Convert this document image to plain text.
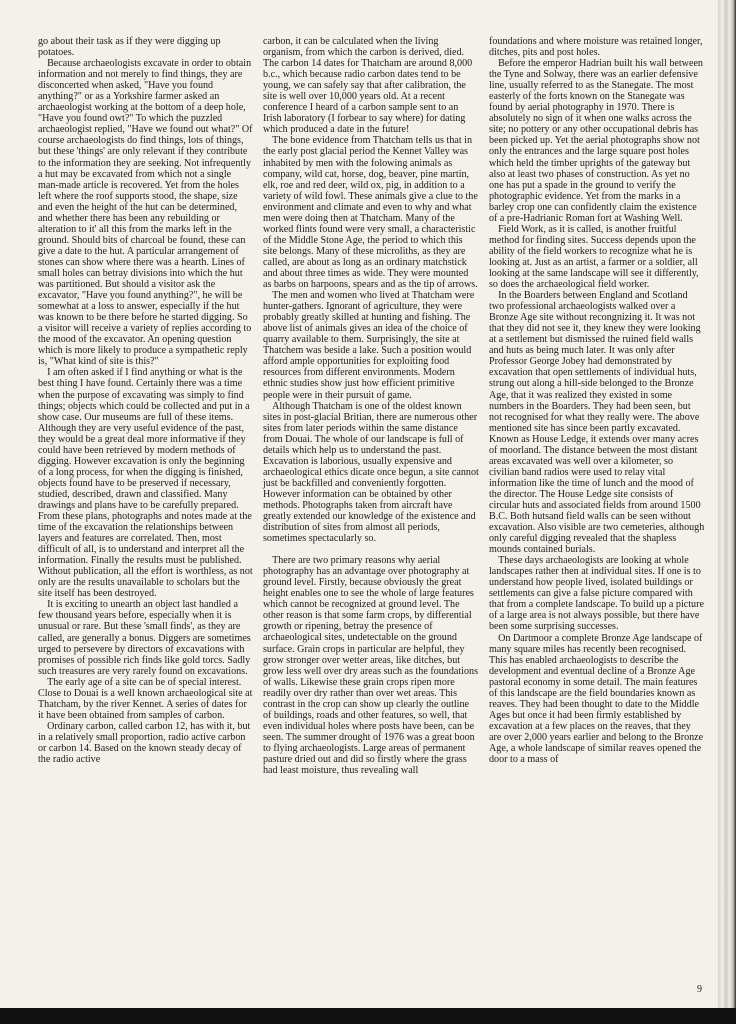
go about their task as if they were digging up potatoes.

Because archaeologists excavate in order to obtain information and not merely to find things, they are disconcerted when asked, "Have you found anything?" or as a Yorkshire farmer asked an archaeologist working at the bottom of a deep hole, "Have you found owt?" To which the puzzled archaeologist replied, "Have we found out what?" Of course archaeologists do find things, lots of things, but these 'things' are only relevant if they contribute to the information they are seeking. Not infrequently a hut may be excavated from which not a single man-made article is recovered. Yet from the holes left where the roof supports stood, the shape, size and even the height of the hut can be determined, and whether there has been any rebuilding or alteration to it' all this from the marks left in the ground. Should bits of charcoal be found, these can give a date to the hut. A particular arrangement of stones can show where there was a hearth. Lines of small holes can betray divisions into which the hut was partitioned. But should a visitor ask the excavator, "Have you found anything?", he will be somewhat at a loss to answer, especially if the hut was known to be there before he started digging. So a visitor will receive a variety of replies according to the mood of the excavator. An opening question which is more likely to produce a sympathetic reply is, "What kind of site is this?"

I am often asked if I find anything or what is the best thing I have found. Certainly there was a time when the purpose of excavating was simply to find things; objects which could be collected and put in a show case. Our museums are full of these items. Although they are very useful evidence of the past, they would be a great deal more informative if they could have been retrieved by modern methods of digging. However excavation is only the beginning of a long process, for when the digging is finished, objects found have to be preserved if necessary, studied, described, drawn and classified. Many drawings and plans have to be carefully prepared. From these plans, photographs and notes made at the time of the excavation the relationships between layers and features are correlated. Then, most difficult of all, is to understand and interpret all the information. Finally the results must be published. Without publication, all the effort is worthless, as not only are the results unavailable to scholars but the site itself has been destroyed.

It is exciting to unearth an object last handled a few thousand years before, especially when it is unusual or rare. But these 'small finds', as they are called, are generally a bonus. Diggers are sometimes urged to persevere by directors of excavations with promises of possible rich finds like gold torcs. Sadly such treasures are very rarely found on excavations.

The early age of a site can be of special interest. Close to Douai is a well known archaeological site at Thatcham, by the river Kennet. A series of dates for it have been obtained from samples of carbon.

Ordinary carbon, called carbon 12, has with it, but in a relatively small proportion, radio active carbon or carbon 14. Based on the known steady decay of the radio active

carbon, it can be calculated when the living organism, from which the carbon is derived, died. The carbon 14 dates for Thatcham are around 8,000 b.c., which because radio carbon dates tend to be young, we can safely say that after calibration, the site is well over 10,000 years old. At a recent conference I heard of a carbon sample sent to an Irish laboratory (I forbear to say where) for dating which produced a date in the future!

The bone evidence from Thatcham tells us that in the early post glacial period the Kennet Valley was inhabited by men with the folowing animals as company, wild cat, horse, dog, beaver, pine martin, elk, roe and red deer, wild ox, pig, in addition to a variety of wild fowl. These animals give a clue to the environment and climate and even to why and what men were doing then at Thatcham. Many of the worked flints found were very small, a characteristic of the Middle Stone Age, the period to which this site belongs. Many of these microliths, as they are called, are about as long as an ordinary matchstick and about three times as wide. They were mounted as barbs on harpoons, spears and as the tip of arrows.

The men and women who lived at Thatcham were hunter-gathers. Ignorant of agriculture, they were probably greatly skilled at hunting and fishing. The above list of animals gives an idea of the choice of quarry available to them. Surprisingly, the site at Thatchem was beside a lake. Such a position would afford ample opportunities for exploiting food resources from different environments. Modern ethnic studies show just how efficient primitive people were in their pursuit of game.

Although Thatcham is one of the oldest known sites in post-glacial Britian, there are numerous other sites from later periods within the same distance from Douai. The whole of our landscape is full of details which help us to understand the past. Excavation is laborious, usually expensive and archaeological ethics dicate once begun, a site cannot just be backfilled and conveniently forgotten. However information can be obtained by other methods. Photographs taken from aircraft have greatly extended our knowledge of the existence and distribution of sites from almost all periods, sometimes spectacularly so.

There are two primary reasons why aerial photography has an advantage over photography at ground level. Firstly, because obviously the great height enables one to see the whole of large features which cannot be recognized at ground level. The other reason is that some farm crops, by differential growth or ripening, betray the presence of archaeological sites, undetectable on the ground surface. Grain crops in particular are helpful, they grow stronger over wetter areas, like ditches, but grow less well over dry areas such as the foundations of walls. Likewise these grain crops ripen more readily over dry rather than over wet areas. This contrast in the crop can show up clearly the outline of buildings, roads and other features, so well, that even individual holes where posts have been, can be seen. The summer drought of 1976 was a great boon to flying archaeologists. Large areas of permanent pasture dried out and did so firstly where the grass had least moisture, thus revealing wall

foundations and where moisture was retained longer, ditches, pits and post holes.

Before the emperor Hadrian built his wall between the Tyne and Solway, there was an earlier defensive line, usually referred to as the Stanegate. The most easterly of the forts known on the Stanegate was found by aerial photography in 1970. There is absolutely no sign of it when one walks across the site; no pottery or any other occupational debris has been picked up. Yet the aerial photographs show not only the entrances and the large square post holes which held the timber uprights of the gateway but also at least two phases of construction. As yet no one has put a spade in the ground to verify the photographic evidence. Yet from the marks in a barley crop one can confidently claim the existence of a pre-Hadrianic Roman fort at Washing Well.

Field Work, as it is called, is another fruitful method for finding sites. Success depends upon the ability of the field workers to recognize what he is looking at. Just as an artist, a farmer or a soldier, all looking at the same landscape will see it differently, so does the archaeological field worker.

In the Boarders between England and Scotland two professional archaeologists walked over a Bronze Age site without recongnizing it. It was not that they did not see it, they knew they were looking at a settlement but dismissed the ruined field walls and huts as being much later. It was only after Professor George Jobey had demonstrated by excavation that open settlements of individual huts, strung out along a hill-side belonged to the Bronze Age, that it was realized they existed in some numbers in the Boarders. They had been seen, but not recognised for what they really were. The above mentioned site has since been partly excavated. Known as House Ledge, it extends over many acres of moorland. The distance between the most distant areas excavated was well over a kilometer, so civilian band radios were used to relay vital information like the time of lunch and the mood of the director. The House Ledge site consists of circular huts and associated fields from around 1500 B.C. Both hutsand field walls can be seen without excavation. Also visible are two cemeteries, although only careful digging revealed that the shapless mounds contained burials.

These days archaeologists are looking at whole landscapes rather then at individual sites. If one is to understand how people lived, isolated buildings or settlements can give a false picture compared with that from a complete landscape. To build up a picture of a large area is not always possible, but there have been some surprising successes.

On Dartmoor a complete Bronze Age landscape of many square miles has recently been recognised. This has enabled archaeologists to describe the development and eventual decline of a Bronze Age pastoral economy in some detail. The main features of this landscape are the field boundaries known as reaves. They had been thought to date to the Middle Ages but once it had been firmly established by excavation at a few places on the reaves, that they are over 2,000 years earlier and belong to the Bronze Age, a whole landscape of similar reaves opened the door to a mass of

9
